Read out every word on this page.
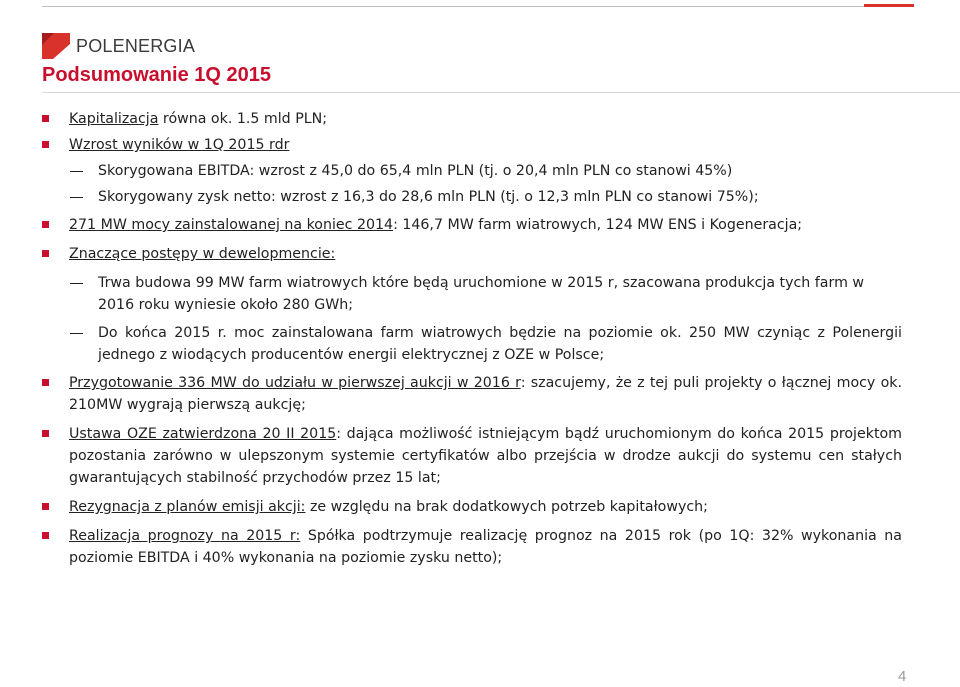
POLENERGIA
Podsumowanie 1Q 2015
Kapitalizacja równa ok. 1.5 mld PLN;
Wzrost wyników w 1Q 2015 rdr
Skorygowana EBITDA: wzrost z 45,0 do 65,4 mln PLN (tj. o 20,4 mln PLN co stanowi 45%)
Skorygowany zysk netto: wzrost z 16,3 do 28,6 mln PLN (tj. o 12,3 mln PLN co stanowi 75%);
271 MW mocy zainstalowanej na koniec 2014: 146,7 MW farm wiatrowych, 124 MW ENS i Kogeneracja;
Znaczące postępy w dewelopmencie:
Trwa budowa 99 MW farm wiatrowych które będą uruchomione w 2015 r, szacowana produkcja tych farm w 2016 roku wyniesie około 280 GWh;
Do końca 2015 r. moc zainstalowana farm wiatrowych będzie na poziomie ok. 250 MW czyniąc z Polenergii jednego z wiodących producentów energii elektrycznej z OZE w Polsce;
Przygotowanie 336 MW do udziału w pierwszej aukcji w 2016 r: szacujemy, że z tej puli projekty o łącznej mocy ok. 210MW wygrają pierwszą aukcję;
Ustawa OZE zatwierdzona 20 II 2015: dająca możliwość istniejącym bądź uruchomionym do końca 2015 projektom pozostania zarówno w ulepszonym systemie certyfikatów albo przejścia w drodze aukcji do systemu cen stałych gwarantujących stabilność przychodów przez 15 lat;
Rezygnacja z planów emisji akcji: ze względu na brak dodatkowych potrzeb kapitałowych;
Realizacja prognozy na 2015 r: Spółka podtrzymuje realizację prognoz na 2015 rok (po 1Q: 32% wykonania na poziomie EBITDA i 40% wykonania na poziomie zysku netto);
4
